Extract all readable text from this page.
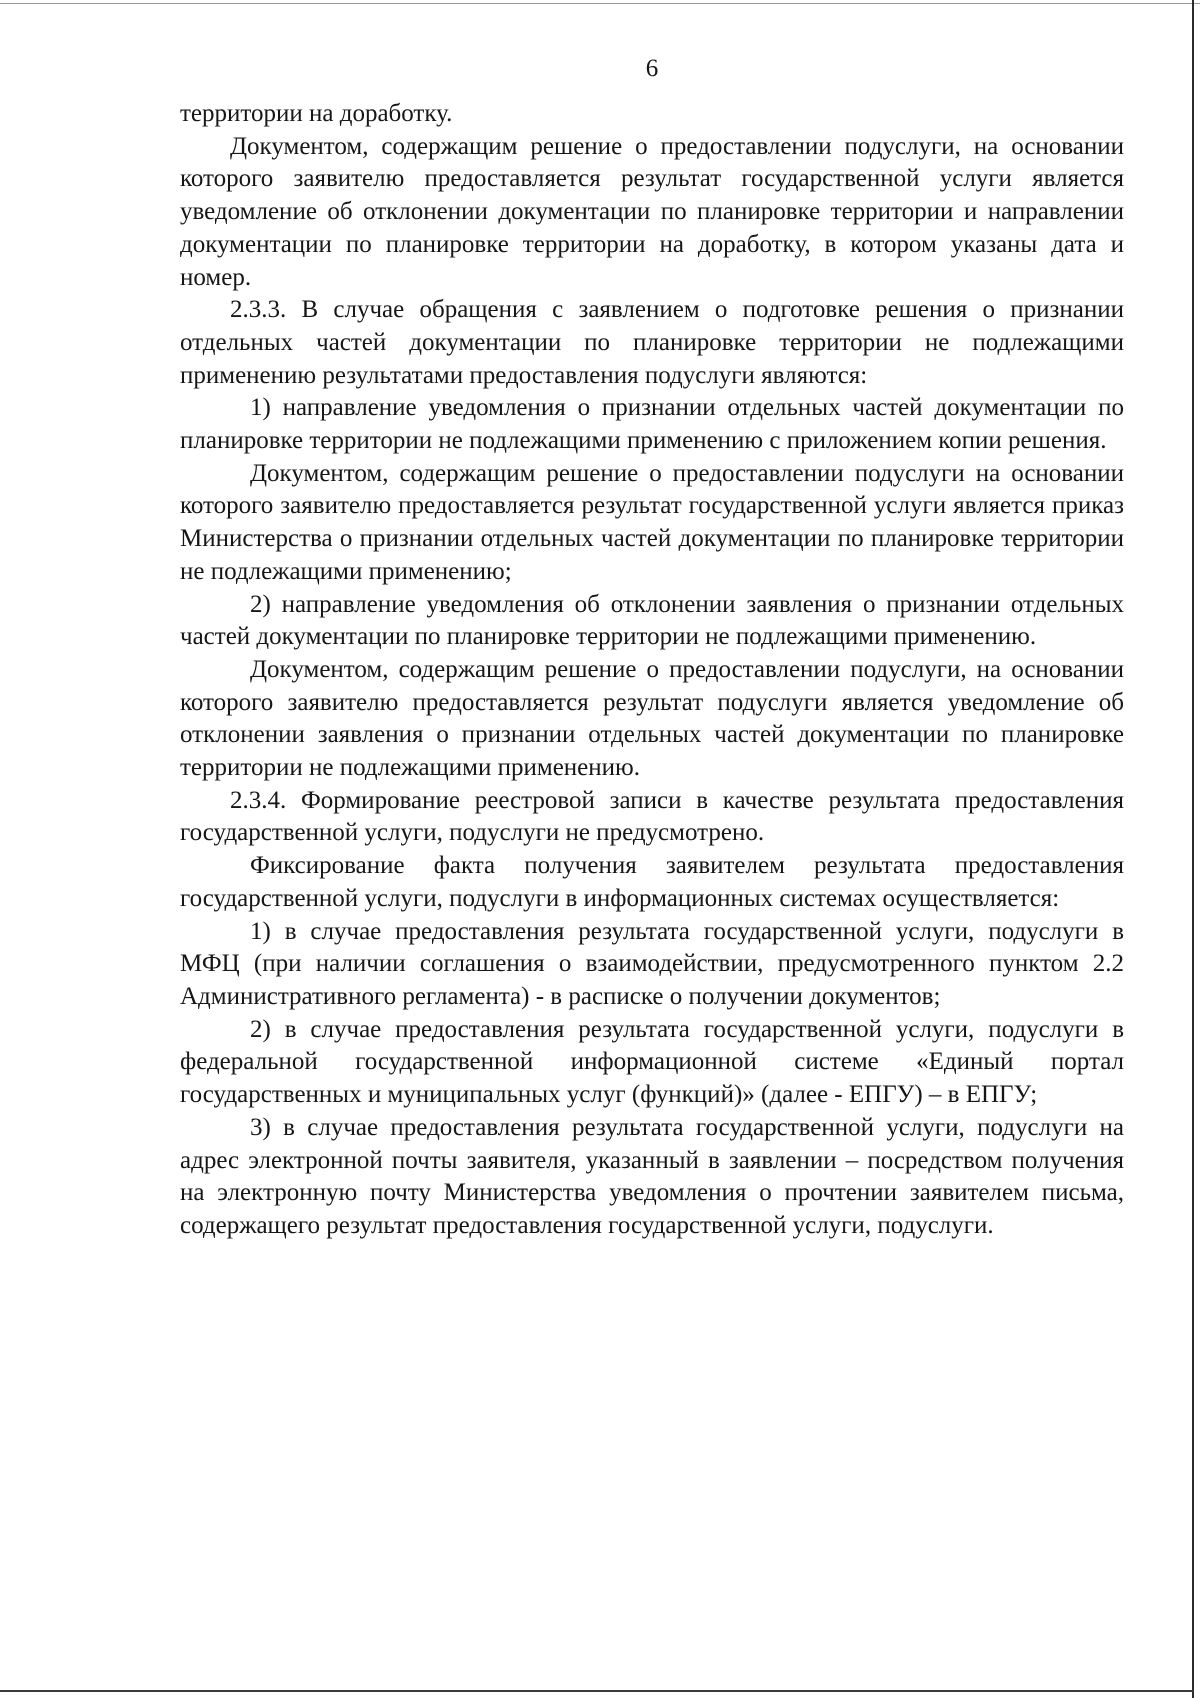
6

территории на доработку.

Документом, содержащим решение о предоставлении подуслуги, на основании которого заявителю предоставляется результат государственной услуги является уведомление об отклонении документации по планировке территории и направлении документации по планировке территории на доработку, в котором указаны дата и номер.

2.3.3. В случае обращения с заявлением о подготовке решения о признании отдельных частей документации по планировке территории не подлежащими применению результатами предоставления подуслуги являются:

1) направление уведомления о признании отдельных частей документации по планировке территории не подлежащими применению с приложением копии решения.

Документом, содержащим решение о предоставлении подуслуги на основании которого заявителю предоставляется результат государственной услуги является приказ Министерства о признании отдельных частей документации по планировке территории не подлежащими применению;

2) направление уведомления об отклонении заявления о признании отдельных частей документации по планировке территории не подлежащими применению.

Документом, содержащим решение о предоставлении подуслуги, на основании которого заявителю предоставляется результат подуслуги является уведомление об отклонении заявления о признании отдельных частей документации по планировке территории не подлежащими применению.

2.3.4. Формирование реестровой записи в качестве результата предоставления государственной услуги, подуслуги не предусмотрено.

Фиксирование факта получения заявителем результата предоставления государственной услуги, подуслуги в информационных системах осуществляется:

1) в случае предоставления результата государственной услуги, подуслуги в МФЦ (при наличии соглашения о взаимодействии, предусмотренного пунктом 2.2 Административного регламента) - в расписке о получении документов;

2) в случае предоставления результата государственной услуги, подуслуги в федеральной государственной информационной системе «Единый портал государственных и муниципальных услуг (функций)» (далее - ЕПГУ) – в ЕПГУ;

3) в случае предоставления результата государственной услуги, подуслуги на адрес электронной почты заявителя, указанный в заявлении – посредством получения на электронную почту Министерства уведомления о прочтении заявителем письма, содержащего результат предоставления государственной услуги, подуслуги.
